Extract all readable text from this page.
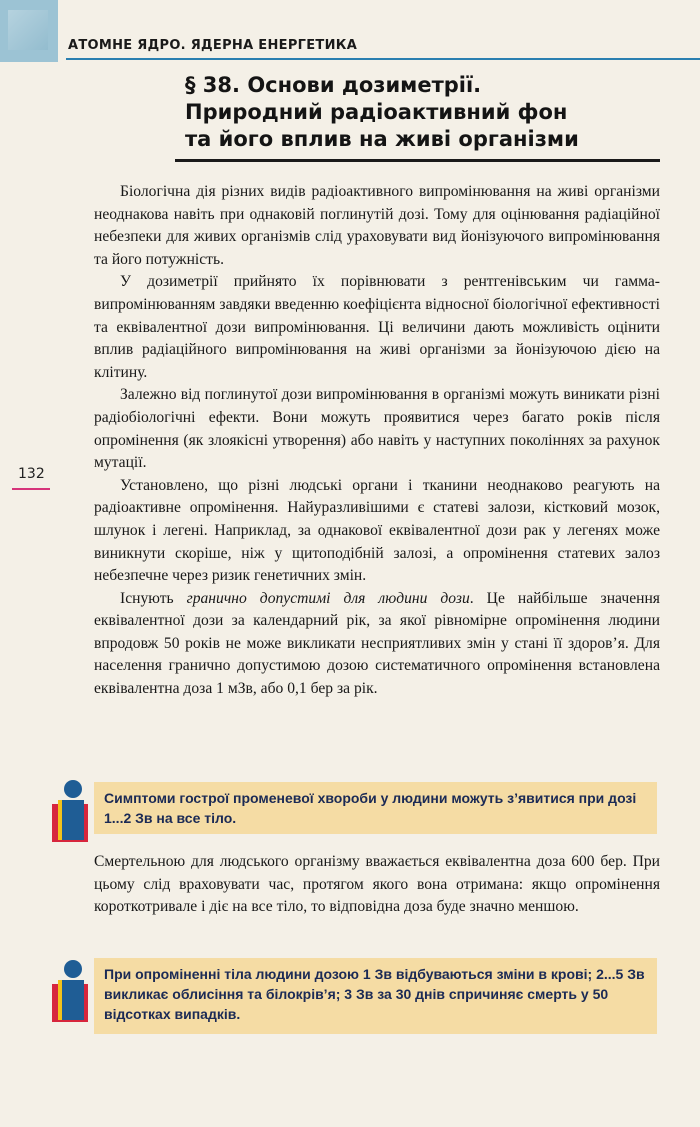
АТОМНЕ ЯДРО. ЯДЕРНА ЕНЕРГЕТИКА
§ 38. Основи дозиметрії.
Природний радіоактивний фон
та його вплив на живі організми
132

Біологічна дія різних видів радіоактивного випромінювання на живі організми неоднакова навіть при однаковій поглинутій дозі. Тому для оцінювання радіаційної небезпеки для живих організмів слід ураховувати вид йонізуючого випромінювання та його потужність.

У дозиметрії прийнято їх порівнювати з рентгенівським чи гамма-випромінюванням завдяки введенню коефіцієнта відносної біологічної ефективності та еквівалентної дози випромінювання. Ці величини дають можливість оцінити вплив радіаційного випромінювання на живі організми за йонізуючою дією на клітину.

Залежно від поглинутої дози випромінювання в організмі можуть виникати різні радіобіологічні ефекти. Вони можуть проявитися через багато років після опромінення (як злоякісні утворення) або навіть у наступних поколіннях за рахунок мутації.

Установлено, що різні людські органи і тканини неоднаково реагують на радіоактивне опромінення. Найуразливішими є статеві залози, кістковий мозок, шлунок і легені. Наприклад, за однакової еквівалентної дози рак у легенях може виникнути скоріше, ніж у щитоподібній залозі, а опромінення статевих залоз небезпечне через ризик генетичних змін.

Існують гранично допустимі для людини дози. Це найбільше значення еквівалентної дози за календарний рік, за якої рівномірне опромінення людини впродовж 50 років не може викликати несприятливих змін у стані її здоров’я. Для населення гранично допустимою дозою систематичного опромінення встановлена еквівалентна доза 1 мЗв, або 0,1 бер за рік.

Симптоми гострої променевої хвороби у людини можуть з’явитися при дозі 1...2 Зв на все тіло.

Смертельною для людського організму вважається еквівалентна доза 600 бер. При цьому слід враховувати час, протягом якого вона отримана: якщо опромінення короткотривале і діє на все тіло, то відповідна доза буде значно меншою.

При опроміненні тіла людини дозою 1 Зв відбуваються зміни в крові; 2...5 Зв викликає облисіння та білокрів’я; 3 Зв за 30 днів спричиняє смерть у 50 відсотках випадків.
